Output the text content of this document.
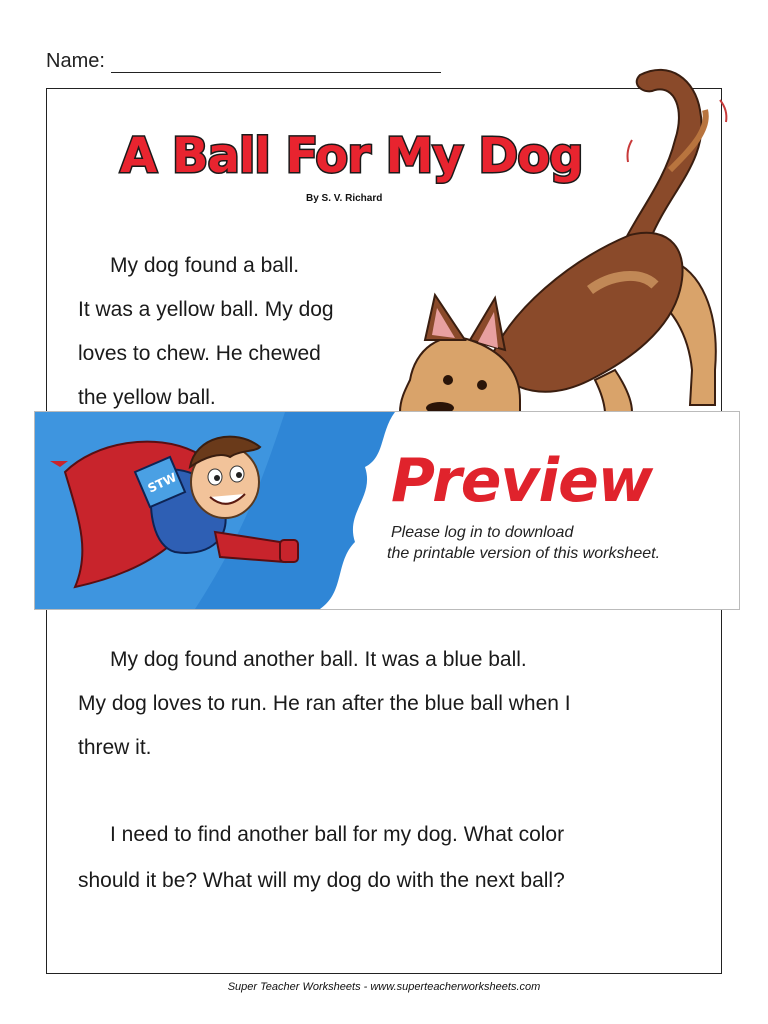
Name:
A Ball For My Dog
By S. V. Richard

My dog found a ball.

It was a yellow ball. My dog

loves to chew. He chewed

the yellow ball.

STW	Preview
Please log in to download
the printable version of this worksheet.

My dog found another ball. It was a blue ball.

My dog loves to run. He ran after the blue ball when I

threw it.

I need to find another ball for my dog. What color

should it be? What will my dog do with the next ball?

Super Teacher Worksheets - www.superteacherworksheets.com
